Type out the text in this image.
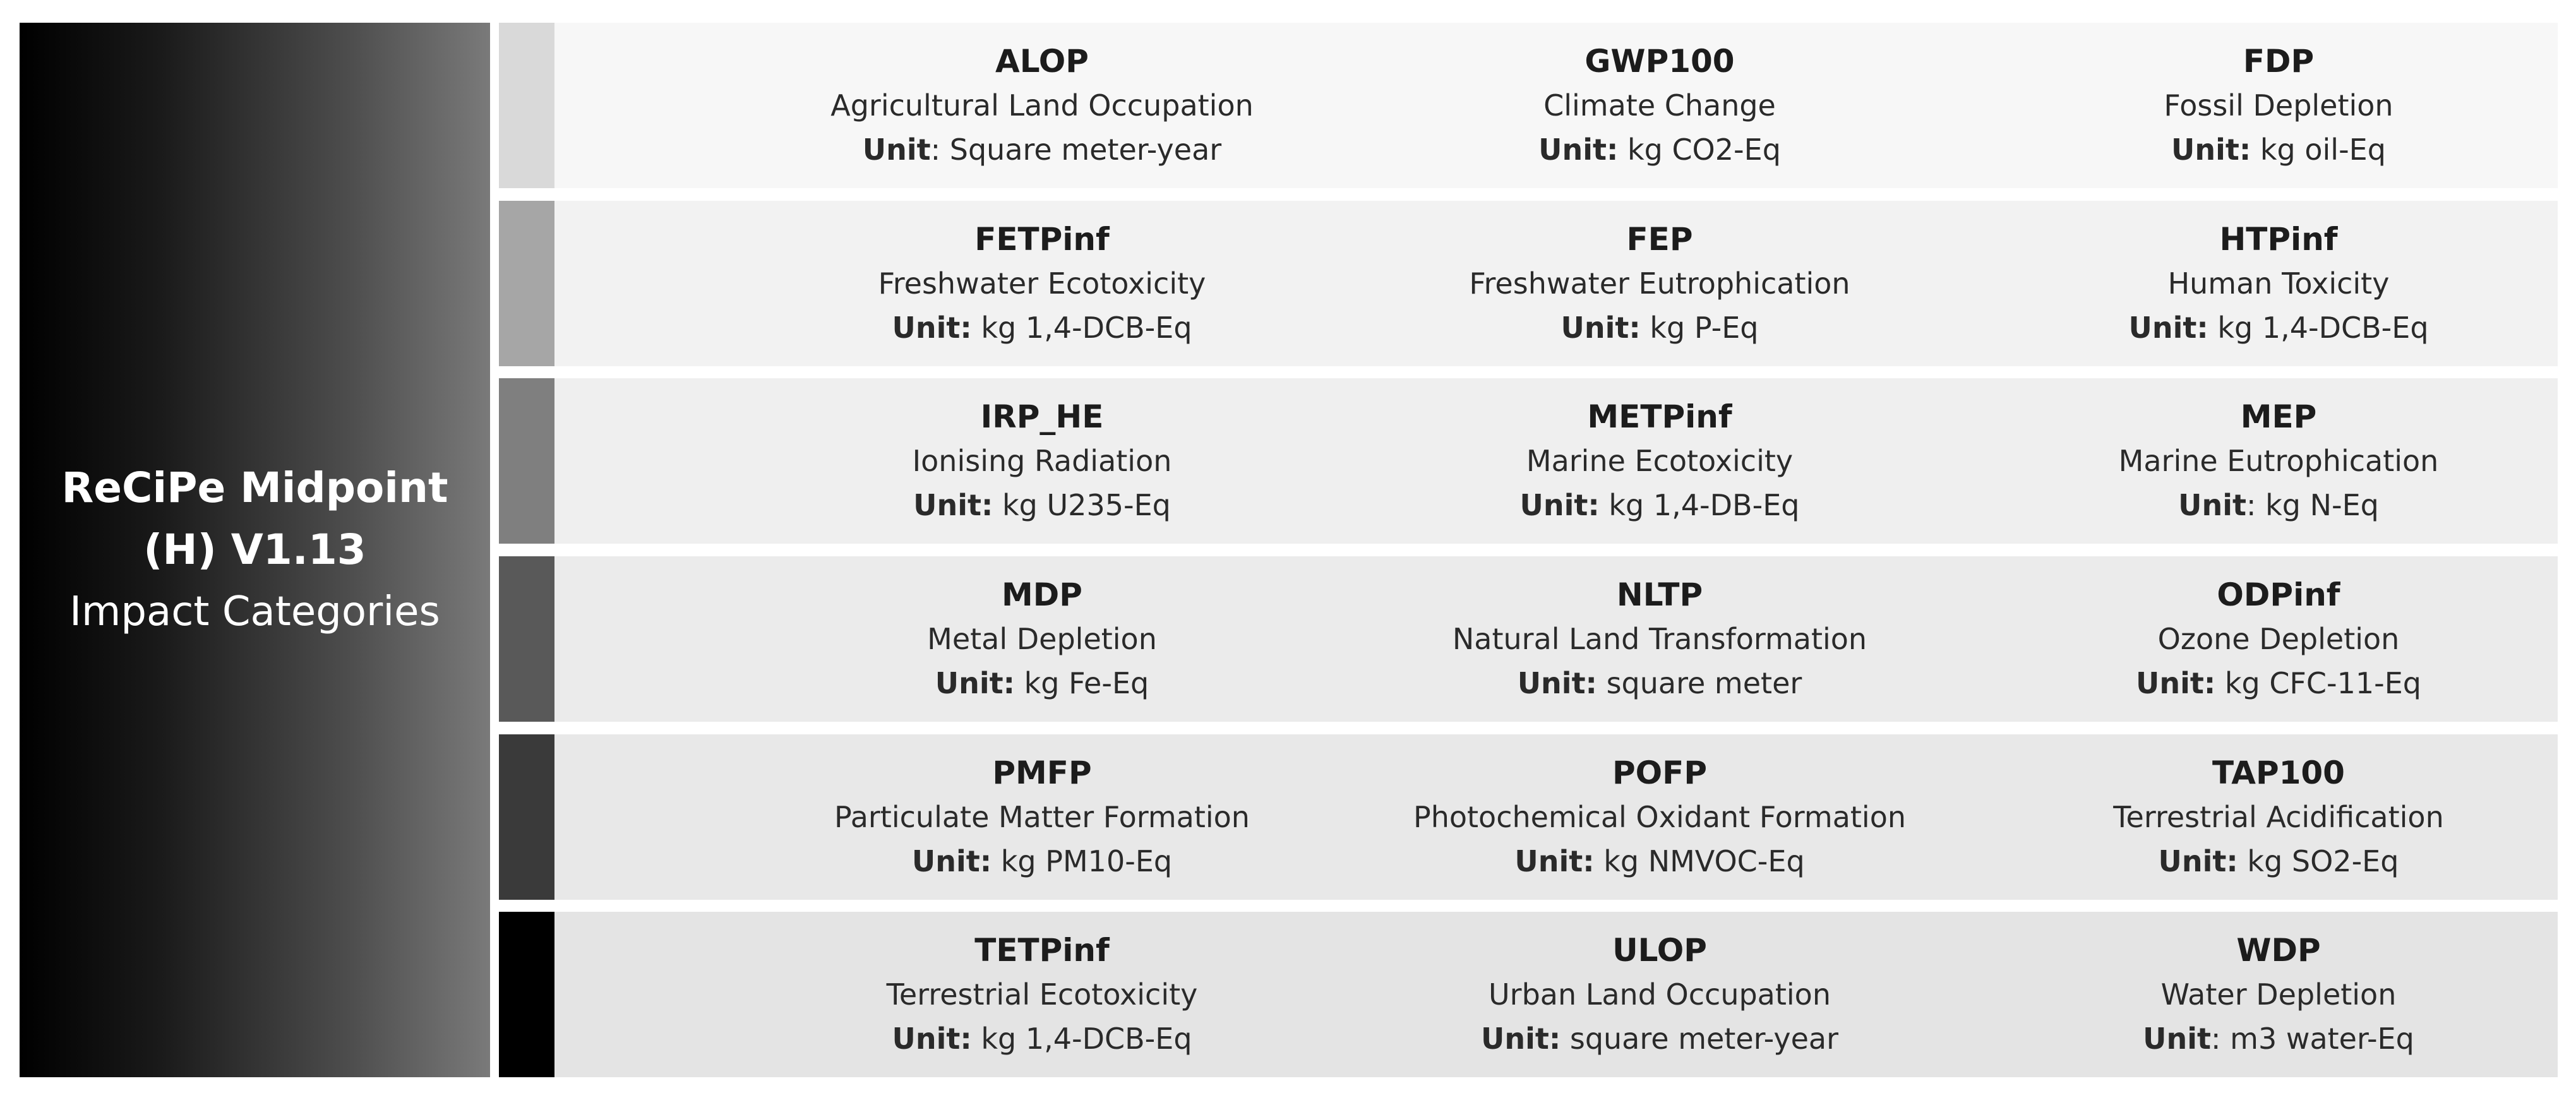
ReCiPe Midpoint
(H) V1.13
Impact Categories
ALOP
Agricultural Land Occupation
Unit: Square meter-year
GWP100
Climate Change
Unit: kg CO2-Eq
FDP
Fossil Depletion
Unit: kg oil-Eq
FETPinf
Freshwater Ecotoxicity
Unit: kg 1,4-DCB-Eq
FEP
Freshwater Eutrophication
Unit: kg P-Eq
HTPinf
Human Toxicity
Unit: kg 1,4-DCB-Eq
IRP_HE
Ionising Radiation
Unit: kg U235-Eq
METPinf
Marine Ecotoxicity
Unit: kg 1,4-DB-Eq
MEP
Marine Eutrophication
Unit: kg N-Eq
MDP
Metal Depletion
Unit: kg Fe-Eq
NLTP
Natural Land Transformation
Unit: square meter
ODPinf
Ozone Depletion
Unit: kg CFC-11-Eq
PMFP
Particulate Matter Formation
Unit: kg PM10-Eq
POFP
Photochemical Oxidant Formation
Unit: kg NMVOC-Eq
TAP100
Terrestrial Acidification
Unit: kg SO2-Eq
TETPinf
Terrestrial Ecotoxicity
Unit: kg 1,4-DCB-Eq
ULOP
Urban Land Occupation
Unit: square meter-year
WDP
Water Depletion
Unit: m3 water-Eq
